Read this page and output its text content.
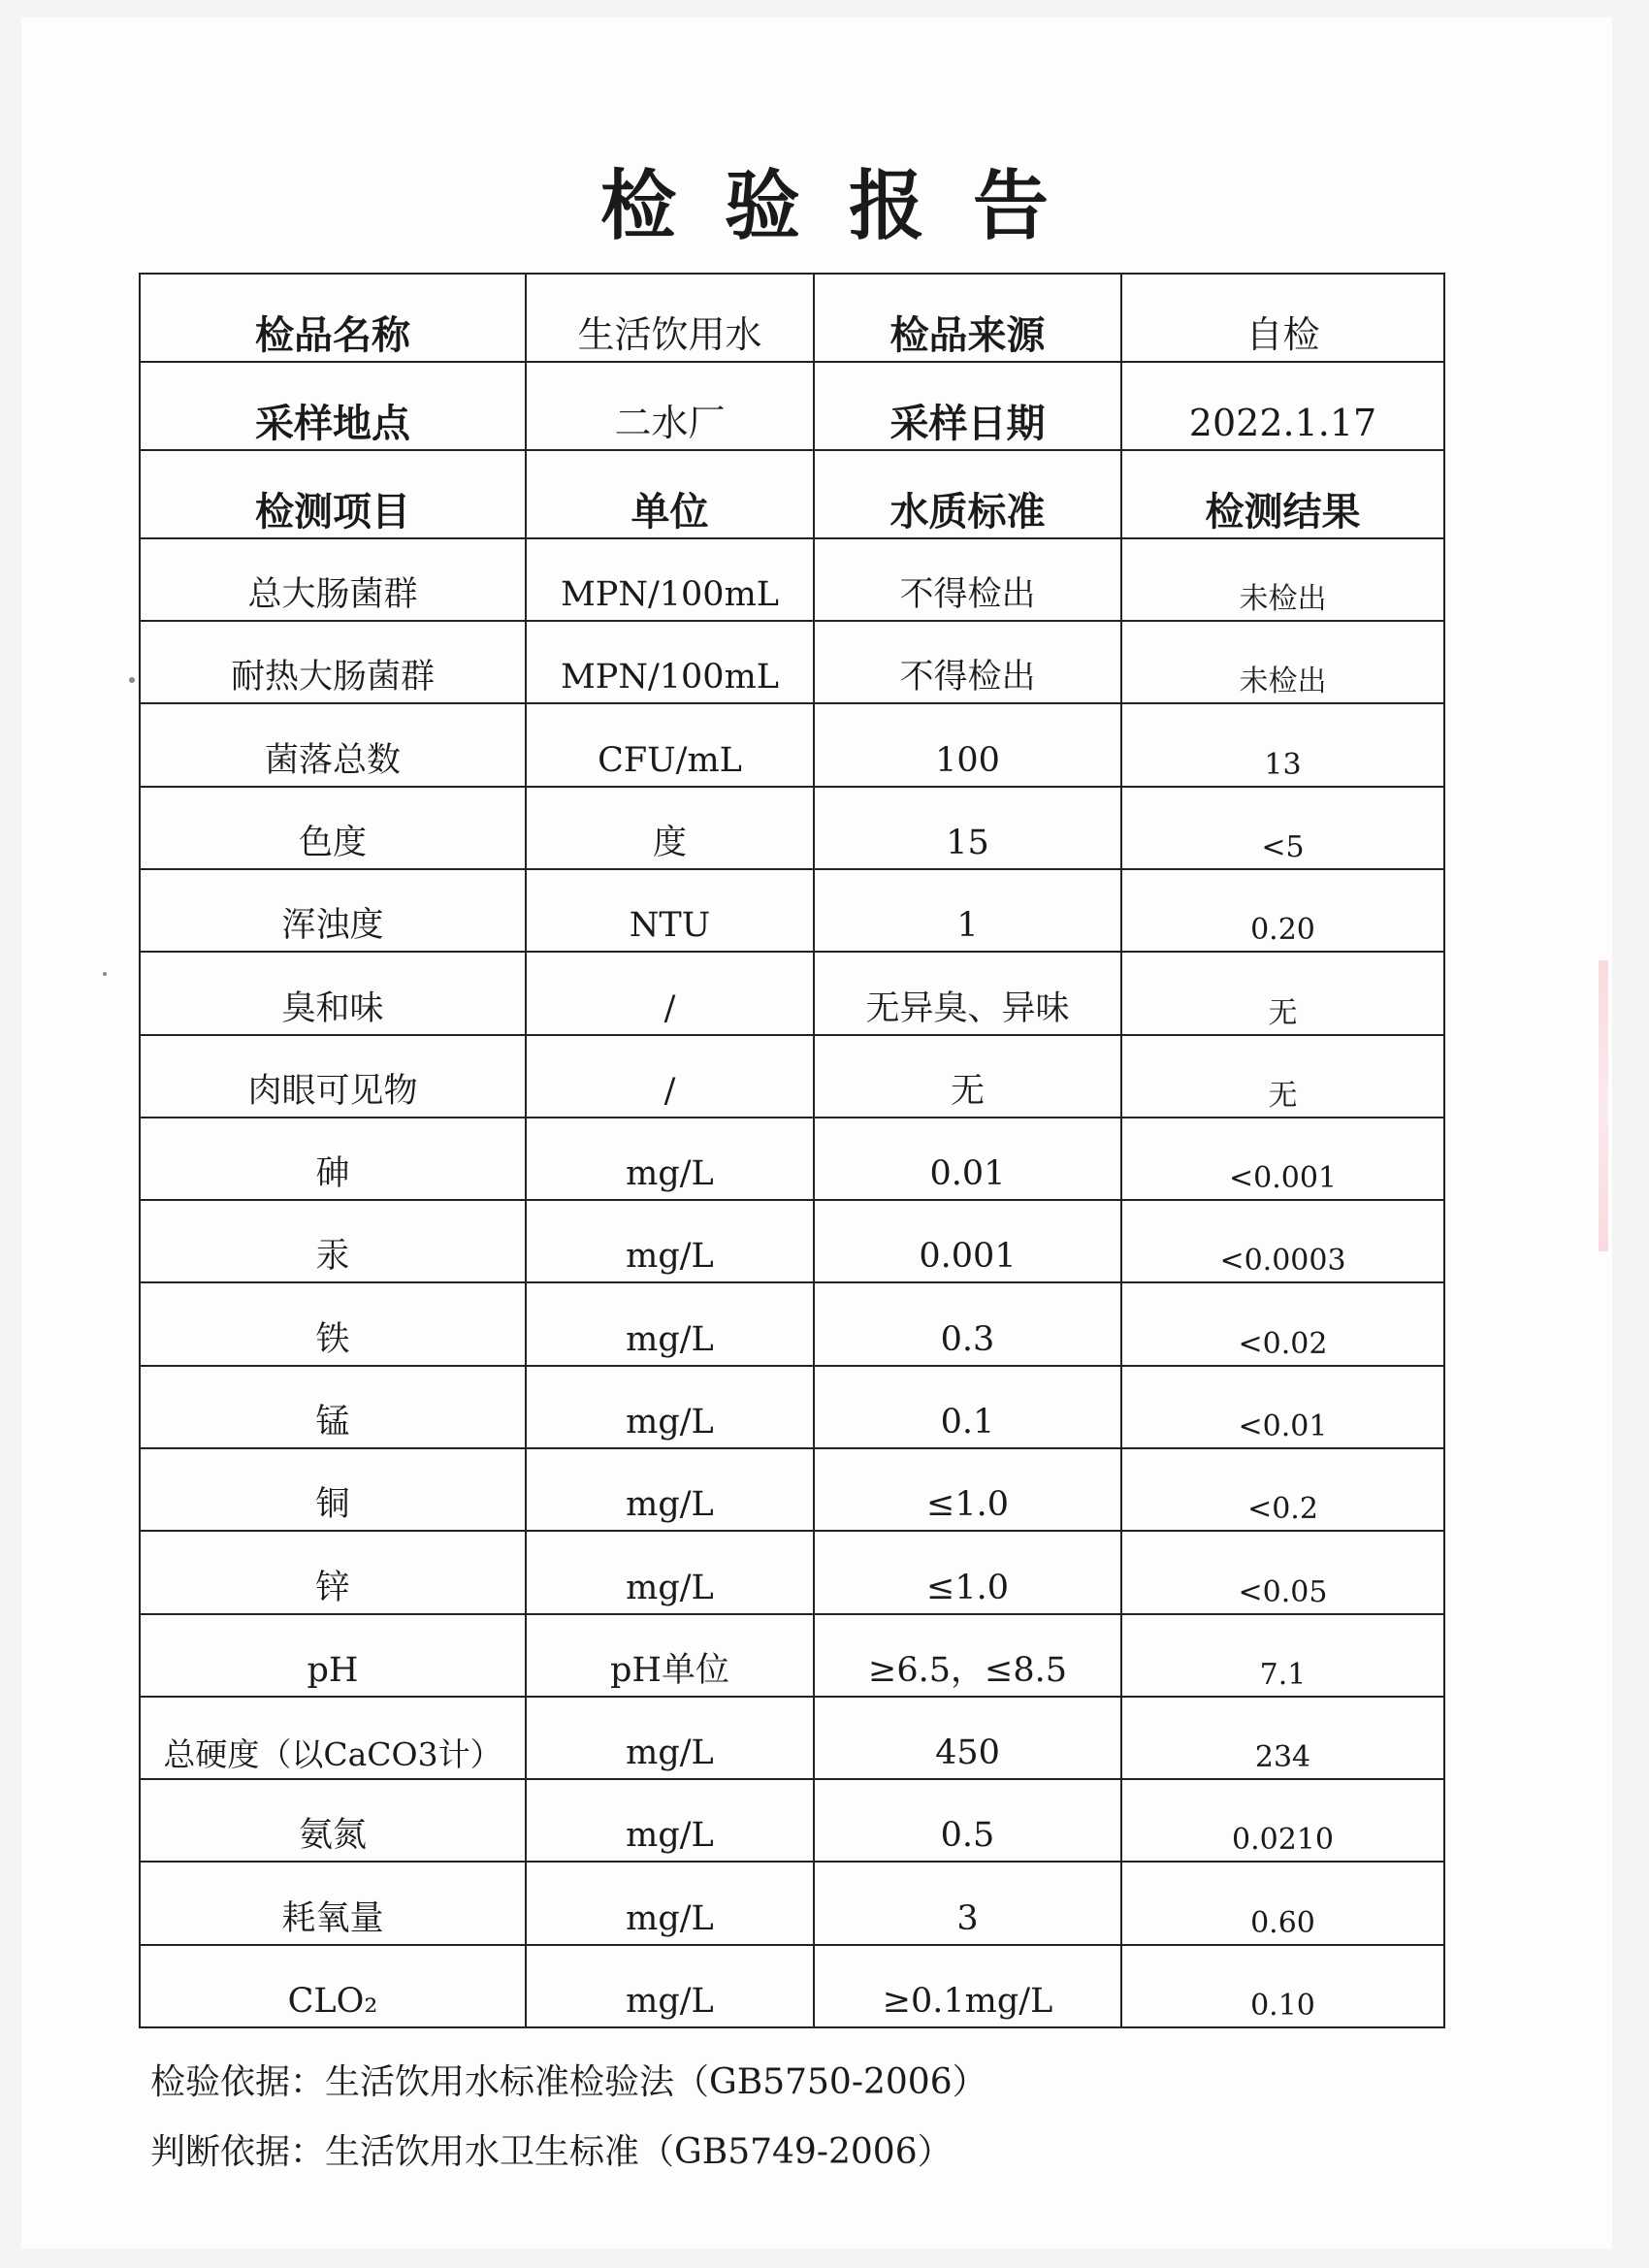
检验报告
检品名称	生活饮用水	检品来源	自检
采样地点	二水厂	采样日期	2022.1.17
检测项目	单位	水质标准	检测结果
总大肠菌群	MPN/100mL	不得检出	未检出
耐热大肠菌群	MPN/100mL	不得检出	未检出
菌落总数	CFU/mL	100	13
色度	度	15	<5
浑浊度	NTU	1	0.20
臭和味	/	无异臭、异味	无
肉眼可见物	/	无	无
砷	mg/L	0.01	<0.001
汞	mg/L	0.001	<0.0003
铁	mg/L	0.3	<0.02
锰	mg/L	0.1	<0.01
铜	mg/L	≤1.0	<0.2
锌	mg/L	≤1.0	<0.05
pH	pH单位	≥6.5，≤8.5	7.1
总硬度（以CaCO3计）	mg/L	450	234
氨氮	mg/L	0.5	0.0210
耗氧量	mg/L	3	0.60
CLO₂	mg/L	≥0.1mg/L	0.10
检验依据：生活饮用水标准检验法（GB5750-2006）
判断依据：生活饮用水卫生标准（GB5749-2006）
